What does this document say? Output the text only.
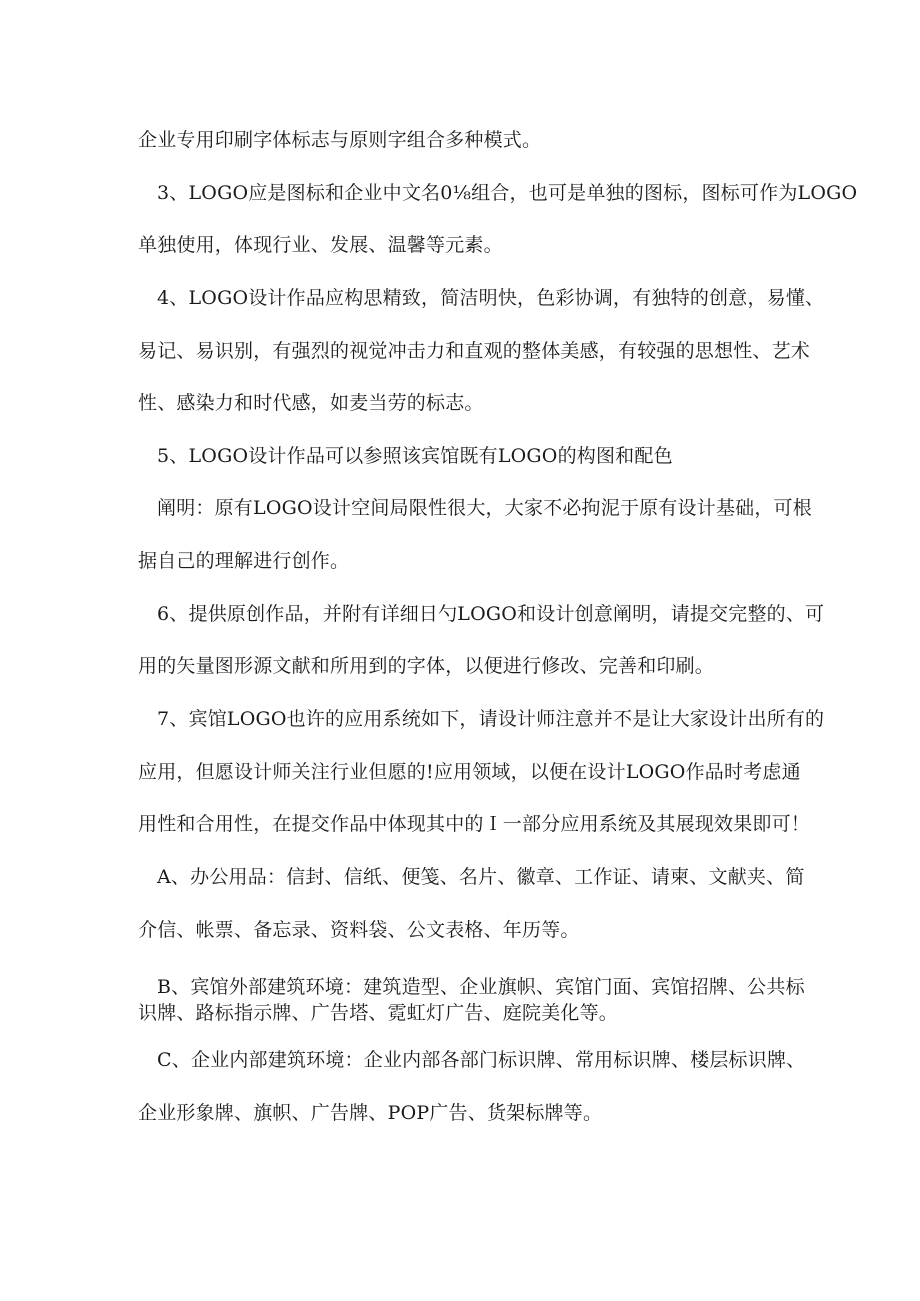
企业专用印刷字体标志与原则字组合多种模式。
3、LOGO应是图标和企业中文名0⅛组合，也可是单独的图标，图标可作为LOGO
单独使用，体现行业、发展、温馨等元素。
4、LOGO设计作品应构思精致，简洁明快，色彩协调，有独特的创意，易懂、
易记、易识别，有强烈的视觉冲击力和直观的整体美感，有较强的思想性、艺术
性、感染力和时代感，如麦当劳的标志。
5、LOGO设计作品可以参照该宾馆既有LOGO的构图和配色
阐明：原有LOGO设计空间局限性很大，大家不必拘泥于原有设计基础，可根
据自己的理解进行创作。
6、提供原创作品，并附有详细日勺LOGO和设计创意阐明，请提交完整的、可
用的矢量图形源文献和所用到的字体，以便进行修改、完善和印刷。
7、宾馆LOGO也许的应用系统如下，请设计师注意并不是让大家设计出所有的
应用，但愿设计师关注行业但愿的!应用领域，以便在设计LOGO作品时考虑通
用性和合用性，在提交作品中体现其中的Ｉ一部分应用系统及其展现效果即可！
A、办公用品：信封、信纸、便笺、名片、徽章、工作证、请柬、文献夹、简
介信、帐票、备忘录、资料袋、公文表格、年历等。
B、宾馆外部建筑环境：建筑造型、企业旗帜、宾馆门面、宾馆招牌、公共标
识牌、路标指示牌、广告塔、霓虹灯广告、庭院美化等。
C、企业内部建筑环境：企业内部各部门标识牌、常用标识牌、楼层标识牌、
企业形象牌、旗帜、广告牌、POP广告、货架标牌等。
